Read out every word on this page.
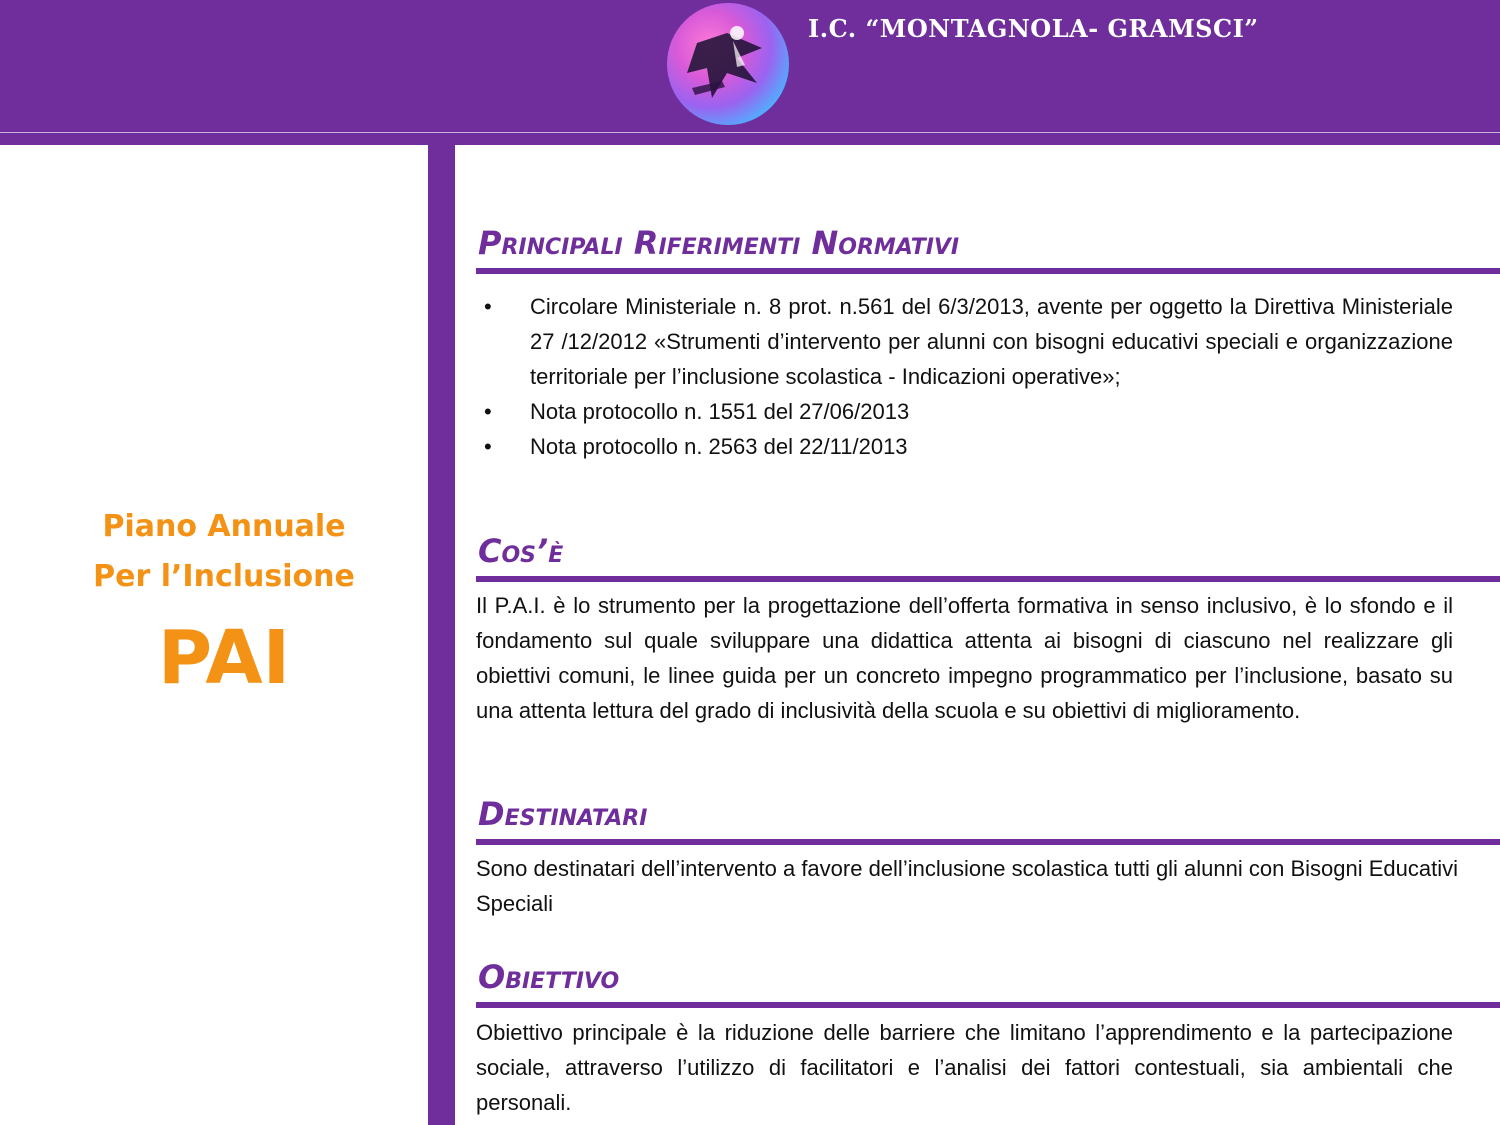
I.C. “MONTAGNOLA- GRAMSCI”
Piano Annuale
Per l’Inclusione
PAI
Principali Riferimenti Normativi
• Circolare Ministeriale n. 8 prot. n.561 del 6/3/2013, avente per oggetto la Direttiva Ministeriale 27 /12/2012 «Strumenti d’intervento per alunni con bisogni educativi speciali e organizzazione territoriale per l’inclusione scolastica - Indicazioni operative»;
• Nota protocollo n. 1551 del 27/06/2013
• Nota protocollo n. 2563 del 22/11/2013
Cos’è
Il P.A.I. è lo strumento per la progettazione dell’offerta formativa in senso inclusivo, è lo sfondo e il fondamento sul quale sviluppare una didattica attenta ai bisogni di ciascuno nel realizzare gli obiettivi comuni, le linee guida per un concreto impegno programmatico per l’inclusione, basato su una attenta lettura del grado di inclusività della scuola e su obiettivi di miglioramento.
Destinatari
Sono destinatari dell’intervento a favore dell’inclusione scolastica tutti gli alunni con Bisogni Educativi Speciali
Obiettivo
Obiettivo principale è la riduzione delle barriere che limitano l’apprendimento e la partecipazione sociale, attraverso l’utilizzo di facilitatori e l’analisi dei fattori contestuali, sia ambientali che personali.
